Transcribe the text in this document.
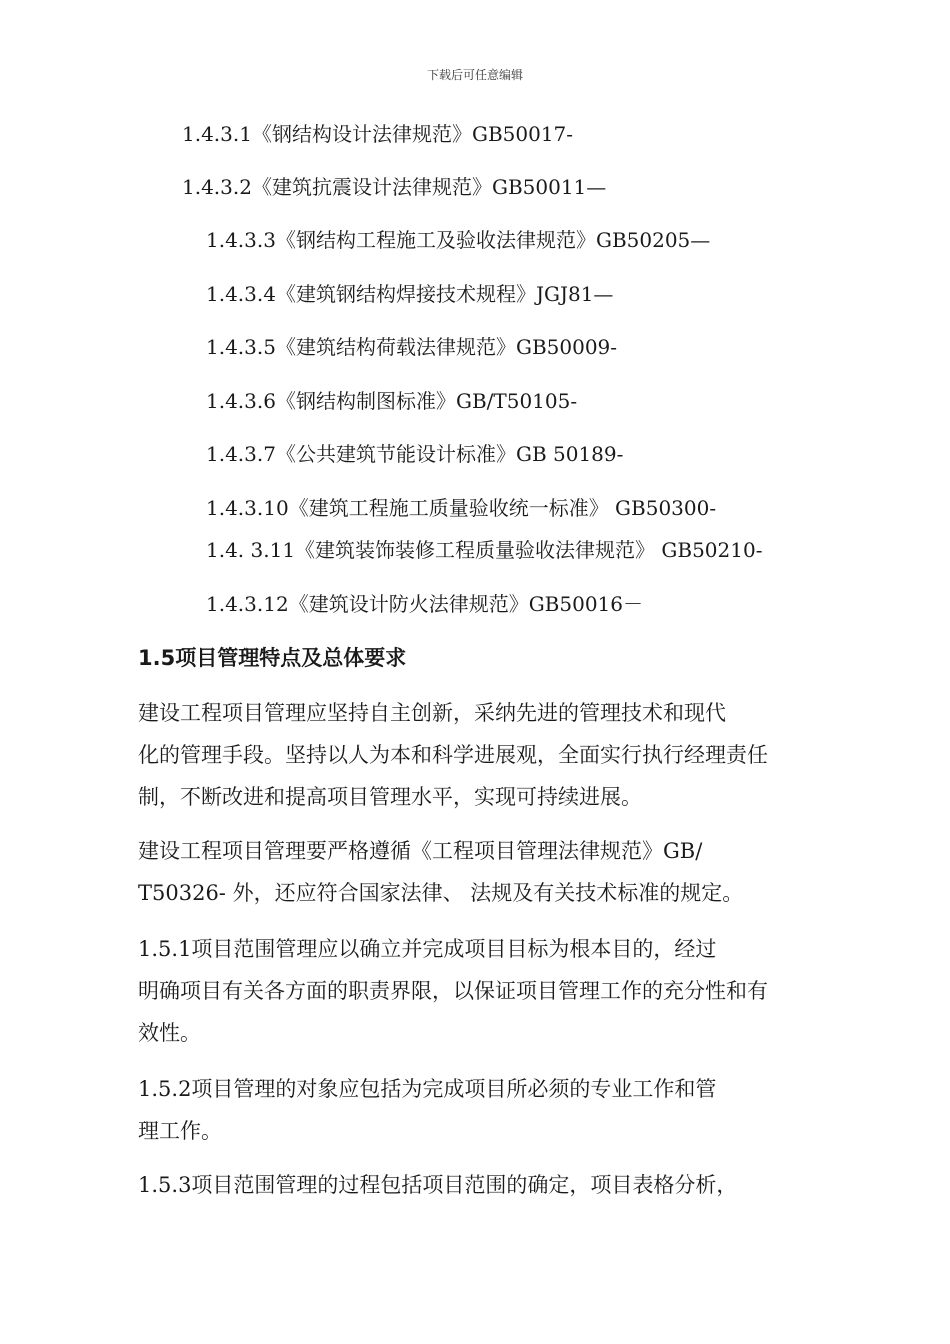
下载后可任意编辑
1.4.3.1《钢结构设计法律规范》GB50017-
1.4.3.2《建筑抗震设计法律规范》GB50011—
1.4.3.3《钢结构工程施工及验收法律规范》GB50205—
1.4.3.4《建筑钢结构焊接技术规程》JGJ81—
1.4.3.5《建筑结构荷载法律规范》GB50009-
1.4.3.6《钢结构制图标准》GB/T50105-
1.4.3.7《公共建筑节能设计标准》GB 50189-
1.4.3.10《建筑工程施工质量验收统一标准》 GB50300-
1.4. 3.11《建筑装饰装修工程质量验收法律规范》 GB50210-
1.4.3.12《建筑设计防火法律规范》GB50016－
1.5项目管理特点及总体要求

建设工程项目管理应坚持自主创新，采纳先进的管理技术和现代

化的管理手段。坚持以人为本和科学进展观，全面实行执行经理责任

制，不断改进和提高项目管理水平，实现可持续进展。

建设工程项目管理要严格遵循《工程项目管理法律规范》GB/

T50326- 外，还应符合国家法律、 法规及有关技术标准的规定。

1.5.1项目范围管理应以确立并完成项目目标为根本目的，经过

明确项目有关各方面的职责界限，以保证项目管理工作的充分性和有

效性。

1.5.2项目管理的对象应包括为完成项目所必须的专业工作和管

理工作。

1.5.3项目范围管理的过程包括项目范围的确定，项目表格分析，
